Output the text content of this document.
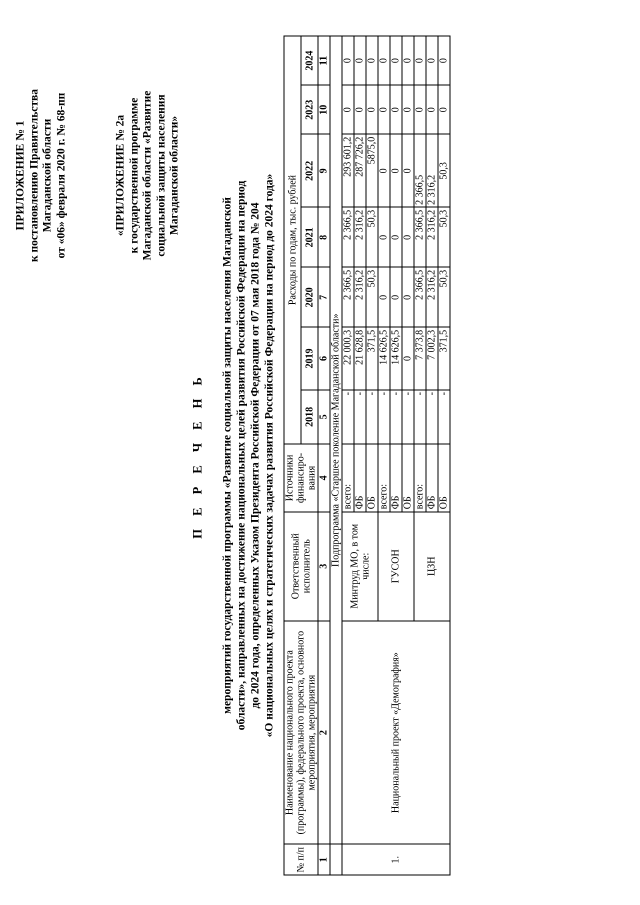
ПРИЛОЖЕНИЕ № 1 к постановлению Правительства Магаданской области от «06» февраля 2020 г. № 68-пп	«ПРИЛОЖЕНИЕ № 2а к государственной программе Магаданской области «Развитие социальной защиты населения Магаданской области»
П Е Р Е Ч Е Н Ь мероприятий государственной программы «Развитие социальной защиты населения Магаданской области», направленных на достижение национальных целей развития Российской Федерации на период до 2024 года, определенных Указом Президента Российской Федерации от 07 мая 2018 года № 204 «О национальных целях и стратегических задачах развития Российской Федерации на период до 2024 года»
№ п/п	Наименование национального проекта (программы), федерального проекта, основного мероприятия, мероприятия	Ответственный исполнитель	Источники финансиро-вания	Расходы по годам, тыс. рублей						
				2018	2019	2020	2021	2022	2023	2024
1	2	3	4	5	6	7	8	9	10	11
	Подпрограмма «Старшее поколение Магаданской области»									
1.	Национальный проект «Демография»	Минтруд МО, в том числе:	всего:	-	22 000,3	2 366,5	2 366,5	293 601,2	0	0
			ФБ	-	21 628,8	2 316,2	2 316,2	287 726,2	0	0
			ОБ	-	371,5	50,3	50,3	5875,0	0	0
		ГУСОН	всего:	-	14 626,5	0	0	0	0	0
			ФБ	-	14 626,5	0	0	0	0	0
			ОБ	-	0	0	0	0	0	0
		ЦЗН	всего:	-	7 373,8	2 366,5	2 366,5	2 366,5	0	0
			ФБ	-	7 002,3	2 316,2	2 316,2	2 316,2	0	0
			ОБ	-	371,5	50,3	50,3	50,3	0	0
